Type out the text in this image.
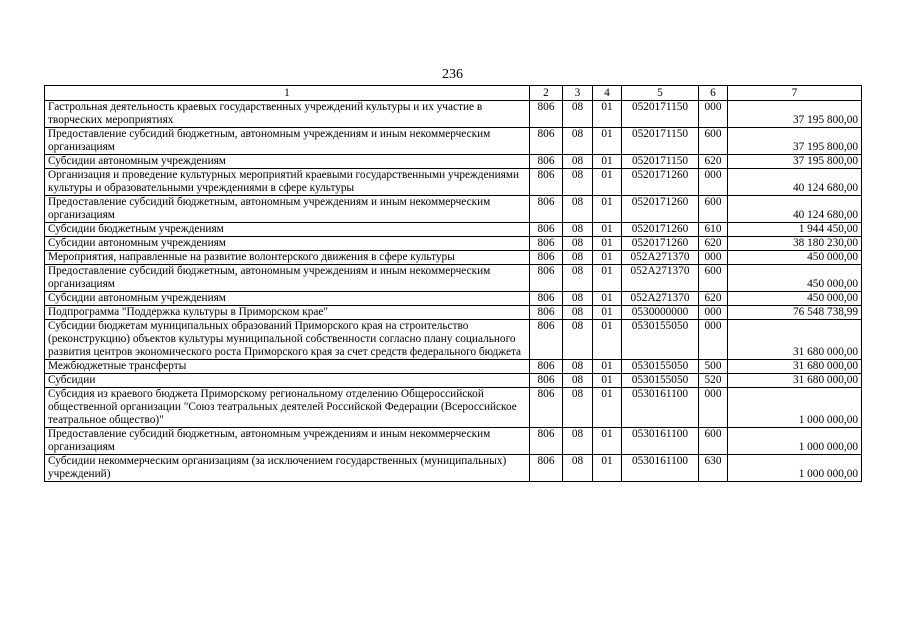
236
1	2	3	4	5	6	7
Гастрольная деятельность краевых государственных учреждений культуры и их участие в творческих мероприятиях	806	08	01	0520171150	000	37 195 800,00
Предоставление субсидий бюджетным, автономным учреждениям и иным некоммерческим организациям	806	08	01	0520171150	600	37 195 800,00
Субсидии автономным учреждениям	806	08	01	0520171150	620	37 195 800,00
Организация и проведение культурных мероприятий краевыми государственными учреждениями культуры и образовательными учреждениями в сфере культуры	806	08	01	0520171260	000	40 124 680,00
Предоставление субсидий бюджетным, автономным учреждениям и иным некоммерческим организациям	806	08	01	0520171260	600	40 124 680,00
Субсидии бюджетным учреждениям	806	08	01	0520171260	610	1 944 450,00
Субсидии автономным учреждениям	806	08	01	0520171260	620	38 180 230,00
Мероприятия, направленные на развитие волонтерского движения в сфере культуры	806	08	01	052A271370	000	450 000,00
Предоставление субсидий бюджетным, автономным учреждениям и иным некоммерческим организациям	806	08	01	052A271370	600	450 000,00
Субсидии автономным учреждениям	806	08	01	052A271370	620	450 000,00
Подпрограмма "Поддержка культуры в Приморском крае"	806	08	01	0530000000	000	76 548 738,99
Субсидии бюджетам муниципальных образований Приморского края на строительство (реконструкцию) объектов культуры муниципальной собственности согласно плану социального развития центров экономического роста Приморского края за счет средств федерального бюджета	806	08	01	0530155050	000	31 680 000,00
Межбюджетные трансферты	806	08	01	0530155050	500	31 680 000,00
Субсидии	806	08	01	0530155050	520	31 680 000,00
Субсидия из краевого бюджета Приморскому региональному отделению Общероссийской общественной организации "Союз театральных деятелей Российской Федерации (Всероссийское театральное общество)"	806	08	01	0530161100	000	1 000 000,00
Предоставление субсидий бюджетным, автономным учреждениям и иным некоммерческим организациям	806	08	01	0530161100	600	1 000 000,00
Субсидии некоммерческим организациям (за исключением государственных (муниципальных) учреждений)	806	08	01	0530161100	630	1 000 000,00
